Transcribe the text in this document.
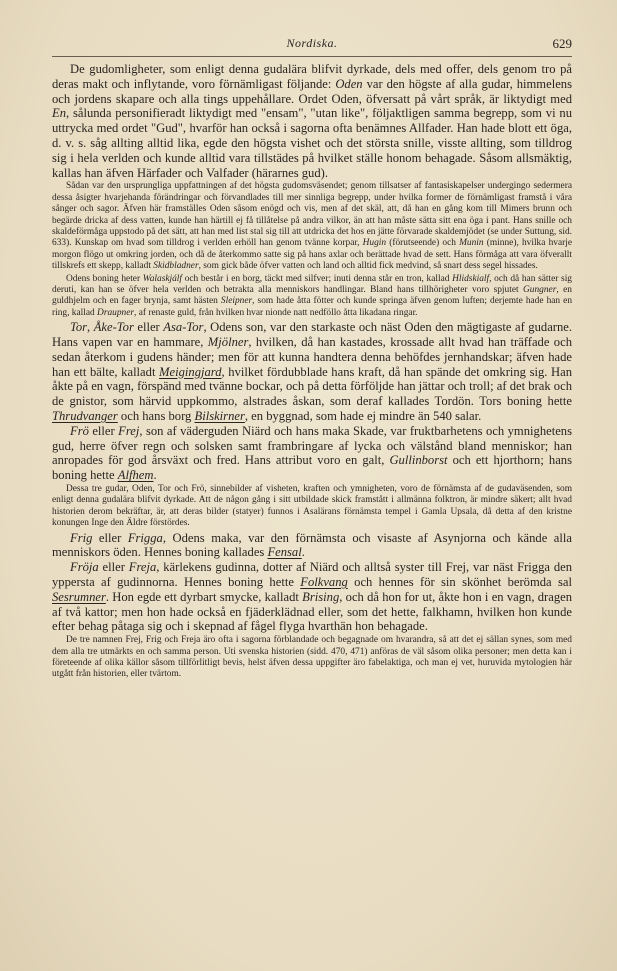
Nordiska.	629

De gudomligheter, som enligt denna gudalära blifvit dyrkade, dels med offer, dels genom tro på deras makt och inflytande, voro förnämligast följande: Oden var den högste af alla gudar, himmelens och jordens skapare och alla tings uppehållare. Ordet Oden, öfversatt på vårt språk, är liktydigt med En, sålunda personifieradt liktydigt med "ensam", "utan like", följaktligen samma begrepp, som vi nu uttrycka med ordet "Gud", hvarför han också i sagorna ofta benämnes Allfader. Han hade blott ett öga, d. v. s. såg allting alltid lika, egde den högsta vishet och det största snille, visste allting, som tilldrog sig i hela verlden och kunde alltid vara tillstädes på hvilket ställe honom behagade. Såsom allsmäktig, kallas han äfven Härfader och Valfader (härarnes gud).

Sådan var den ursprungliga uppfattningen af det högsta gudomsväsendet; genom tillsatser af fantasiskapelser undergingo sedermera dessa åsigter hvarjehanda förändringar och förvandlades till mer sinnliga begrepp, under hvilka former de förnämligast framstå i våra sånger och sagor. Äfven här framställes Oden såsom enögd och vis, men af det skäl, att, då han en gång kom till Mimers brunn och begärde dricka af dess vatten, kunde han härtill ej få tillåtelse på andra vilkor, än att han måste sätta sitt ena öga i pant. Hans snille och skaldeförmåga uppstodo på det sätt, att han med list stal sig till att utdricka det hos en jätte förvarade skaldemjödet (se under Suttung, sid. 633). Kunskap om hvad som tilldrog i verlden erhöll han genom tvänne korpar, Hugin (förutseende) och Munin (minne), hvilka hvarje morgon flögo ut omkring jorden, och då de återkommo satte sig på hans axlar och berättade hvad de sett. Hans förmåga att vara öfverallt tillskrefs ett skepp, kalladt Skidbladner, som gick både öfver vatten och land och alltid fick medvind, så snart dess segel hissades.

Odens boning heter Walaskjálf och består i en borg, täckt med silfver; inuti denna står en tron, kallad Hlidskialf, och då han sätter sig deruti, kan han se öfver hela verlden och betrakta alla menniskors handlingar. Bland hans tillhörigheter voro spjutet Gungner, en guldhjelm och en fager brynja, samt hästen Sleipner, som hade åtta fötter och kunde springa äfven genom luften; derjemte hade han en ring, kallad Draupner, af renaste guld, från hvilken hvar nionde natt nedföllo åtta likadana ringar.

Tor, Åke-Tor eller Asa-Tor, Odens son, var den starkaste och näst Oden den mägtigaste af gudarne. Hans vapen var en hammare, Mjölner, hvilken, då han kastades, krossade allt hvad han träffade och sedan återkom i gudens händer; men för att kunna handtera denna behöfdes jernhandskar; äfven hade han ett bälte, kalladt Meigingjard, hvilket fördubblade hans kraft, då han spände det omkring sig. Han åkte på en vagn, förspänd med tvänne bockar, och på detta förföljde han jättar och troll; af det brak och de gnistor, som härvid uppkommo, alstrades åskan, som deraf kallades Tordön. Tors boning hette Thrudvanger och hans borg Bilskirner, en byggnad, som hade ej mindre än 540 salar.

Frö eller Frej, son af väderguden Niärd och hans maka Skade, var fruktbarhetens och ymnighetens gud, herre öfver regn och solsken samt frambringare af lycka och välstånd bland menniskor; han anropades för god årsväxt och fred. Hans attribut voro en galt, Gullinborst och ett hjorthorn; hans boning hette Alfhem.

Dessa tre gudar, Oden, Tor och Frö, sinnebilder af visheten, kraften och ymnigheten, voro de förnämsta af de gudaväsenden, som enligt denna gudalära blifvit dyrkade. Att de någon gång i sitt utbildade skick framstått i allmänna folktron, är mindre säkert; allt hvad historien derom bekräftar, är, att deras bilder (statyer) funnos i Asalärans förnämsta tempel i Gamla Upsala, då detta af den kristne konungen Inge den Äldre förstördes.

Frig eller Frigga, Odens maka, var den förnämsta och visaste af Asynjorna och kände alla menniskors öden. Hennes boning kallades Fensal.

Fröja eller Freja, kärlekens gudinna, dotter af Niärd och alltså syster till Frej, var näst Frigga den yppersta af gudinnorna. Hennes boning hette Folkvang och hennes för sin skönhet berömda sal Sesrumner. Hon egde ett dyrbart smycke, kalladt Brising, och då hon for ut, åkte hon i en vagn, dragen af två kattor; men hon hade också en fjäderklädnad eller, som det hette, falkhamn, hvilken hon kunde efter behag påtaga sig och i skepnad af fågel flyga hvarthän hon behagade.

De tre namnen Frej, Frig och Freja äro ofta i sagorna förblandade och begagnade om hvarandra, så att det ej sällan synes, som med dem alla tre utmärkts en och samma person. Uti svenska historien (sidd. 470, 471) anföras de väl såsom olika personer; men detta kan i företeende af olika källor såsom tillförlitligt bevis, helst äfven dessa uppgifter äro fabelaktiga, och man ej vet, huruvida mytologien här utgått från historien, eller tvärtom.
